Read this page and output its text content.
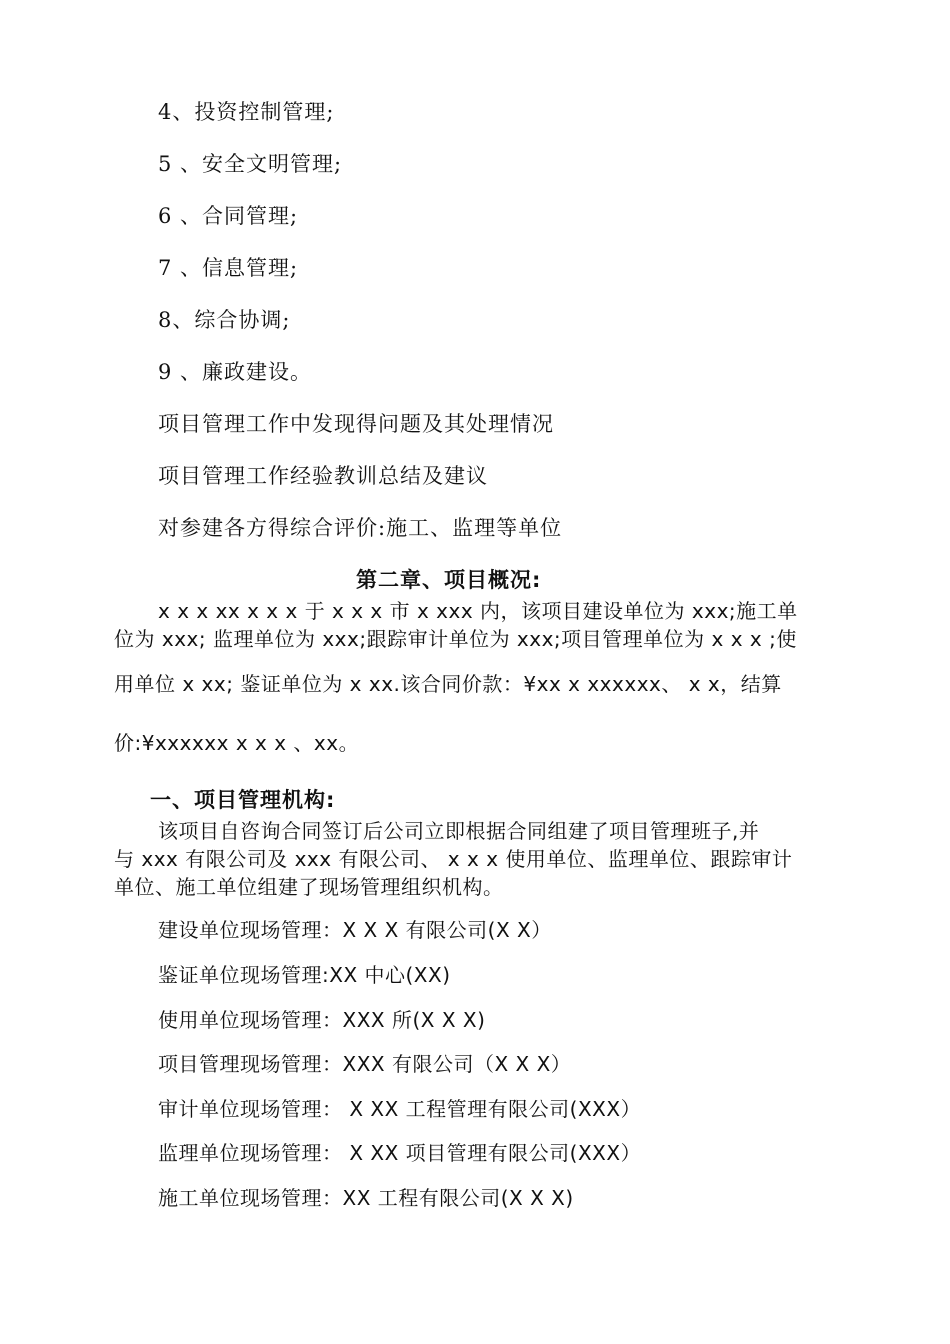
4、投资控制管理;
5 、安全文明管理;
6 、合同管理;
7 、信息管理;
8、综合协调;
9 、廉政建设。
项目管理工作中发现得问题及其处理情况
项目管理工作经验教训总结及建议
对参建各方得综合评价:施工、监理等单位
第二章、项目概况:
x x x xx x x x 于 x x x 市 x xxx 内，该项目建设单位为 xxx;施工单
位为 xxx; 监理单位为 xxx;跟踪审计单位为 xxx;项目管理单位为 x x x ;使
用单位 x xx; 鉴证单位为 x xx.该合同价款：¥xx x xxxxxx、 x x，结算
价:¥xxxxxx x x x 、xx。
一、项目管理机构:
该项目自咨询合同签订后公司立即根据合同组建了项目管理班子,并
与 xxx 有限公司及 xxx 有限公司、 x x x 使用单位、监理单位、跟踪审计
单位、施工单位组建了现场管理组织机构。
建设单位现场管理：X X X 有限公司(X X）
鉴证单位现场管理:XX 中心(XX)
使用单位现场管理：XXX 所(X X X)
项目管理现场管理：XXX 有限公司（X X X）
审计单位现场管理： X XX 工程管理有限公司(XXX）
监理单位现场管理： X XX 项目管理有限公司(XXX）
施工单位现场管理：XX 工程有限公司(X X X)
